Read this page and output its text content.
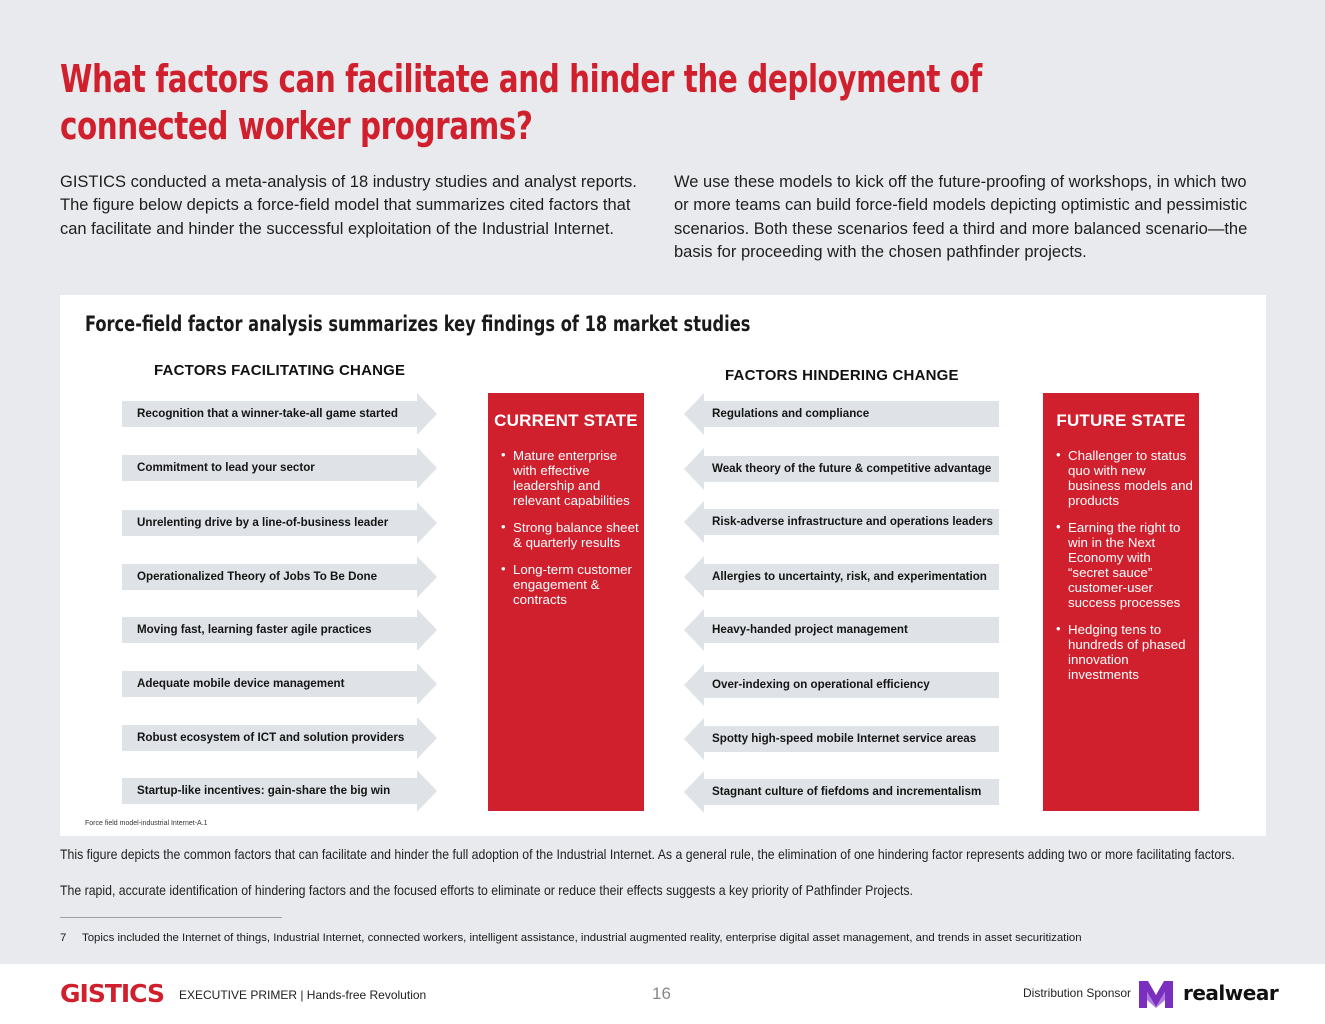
What factors can facilitate and hinder the deployment of connected worker programs?

GISTICS conducted a meta-analysis of 18 industry studies and analyst reports. The figure below depicts a force-field model that summarizes cited factors that can facilitate and hinder the successful exploitation of the Industrial Internet.

We use these models to kick off the future-proofing of workshops, in which two or more teams can build force-field models depicting optimistic and pessimistic scenarios. Both these scenarios feed a third and more balanced scenario—the basis for proceeding with the chosen pathfinder projects.

Force-field factor analysis summarizes key findings of 18 market studies
FACTORS FACILITATING CHANGE	FACTORS HINDERING CHANGE
Recognition that a winner-take-all game started
Commitment to lead your sector
Unrelenting drive by a line-of-business leader
Operationalized Theory of Jobs To Be Done
Moving fast, learning faster agile practices
Adequate mobile device management
Robust ecosystem of ICT and solution providers
Startup-like incentives: gain-share the big win
CURRENT STATE
• Mature enterprise with effective leadership and relevant capabilities
• Strong balance sheet & quarterly results
• Long-term customer engagement & contracts
Regulations and compliance
Weak theory of the future & competitive advantage
Risk-adverse infrastructure and operations leaders
Allergies to uncertainty, risk, and experimentation
Heavy-handed project management
Over-indexing on operational efficiency
Spotty high-speed mobile Internet service areas
Stagnant culture of fiefdoms and incrementalism
FUTURE STATE
• Challenger to status quo with new business models and products
• Earning the right to win in the Next Economy with “secret sauce” customer-user success processes
• Hedging tens to hundreds of phased innovation investments
Force field model-industrial Internet-A.1

This figure depicts the common factors that can facilitate and hinder the full adoption of the Industrial Internet. As a general rule, the elimination of one hindering factor represents adding two or more facilitating factors.

The rapid, accurate identification of hindering factors and the focused efforts to eliminate or reduce their effects suggests a key priority of Pathfinder Projects.

7 Topics included the Internet of things, Industrial Internet, connected workers, intelligent assistance, industrial augmented reality, enterprise digital asset management, and trends in asset securitization
GISTICS EXECUTIVE PRIMER | Hands-free Revolution	16	Distribution Sponsor	realwear
